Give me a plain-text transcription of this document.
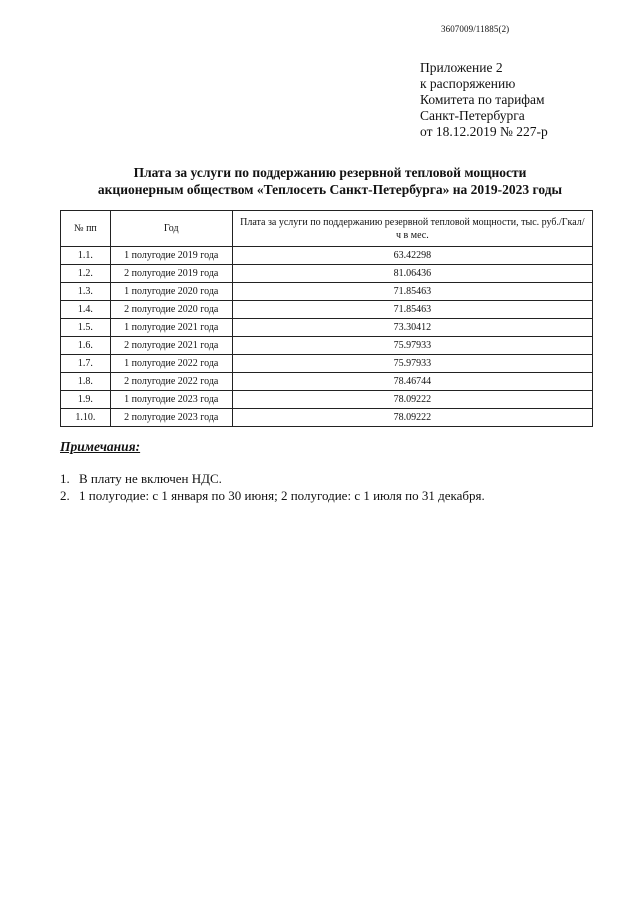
3607009/11885(2)
Приложение 2
к распоряжению
Комитета по тарифам
Санкт-Петербурга
от 18.12.2019 № 227-р
Плата за услуги по поддержанию резервной тепловой мощности
акционерным обществом «Теплосеть Санкт-Петербурга» на 2019-2023 годы
№ пп	Год	Плата за услуги по поддержанию резервной тепловой мощности, тыс. руб./Гкал/ч в мес.
1.1.	1 полугодие 2019 года	63.42298
1.2.	2 полугодие 2019 года	81.06436
1.3.	1 полугодие 2020 года	71.85463
1.4.	2 полугодие 2020 года	71.85463
1.5.	1 полугодие 2021 года	73.30412
1.6.	2 полугодие 2021 года	75.97933
1.7.	1 полугодие 2022 года	75.97933
1.8.	2 полугодие 2022 года	78.46744
1.9.	1 полугодие 2023 года	78.09222
1.10.	2 полугодие 2023 года	78.09222
Примечания:
1. В плату не включен НДС.
2. 1 полугодие: с 1 января по 30 июня; 2 полугодие: с 1 июля по 31 декабря.
